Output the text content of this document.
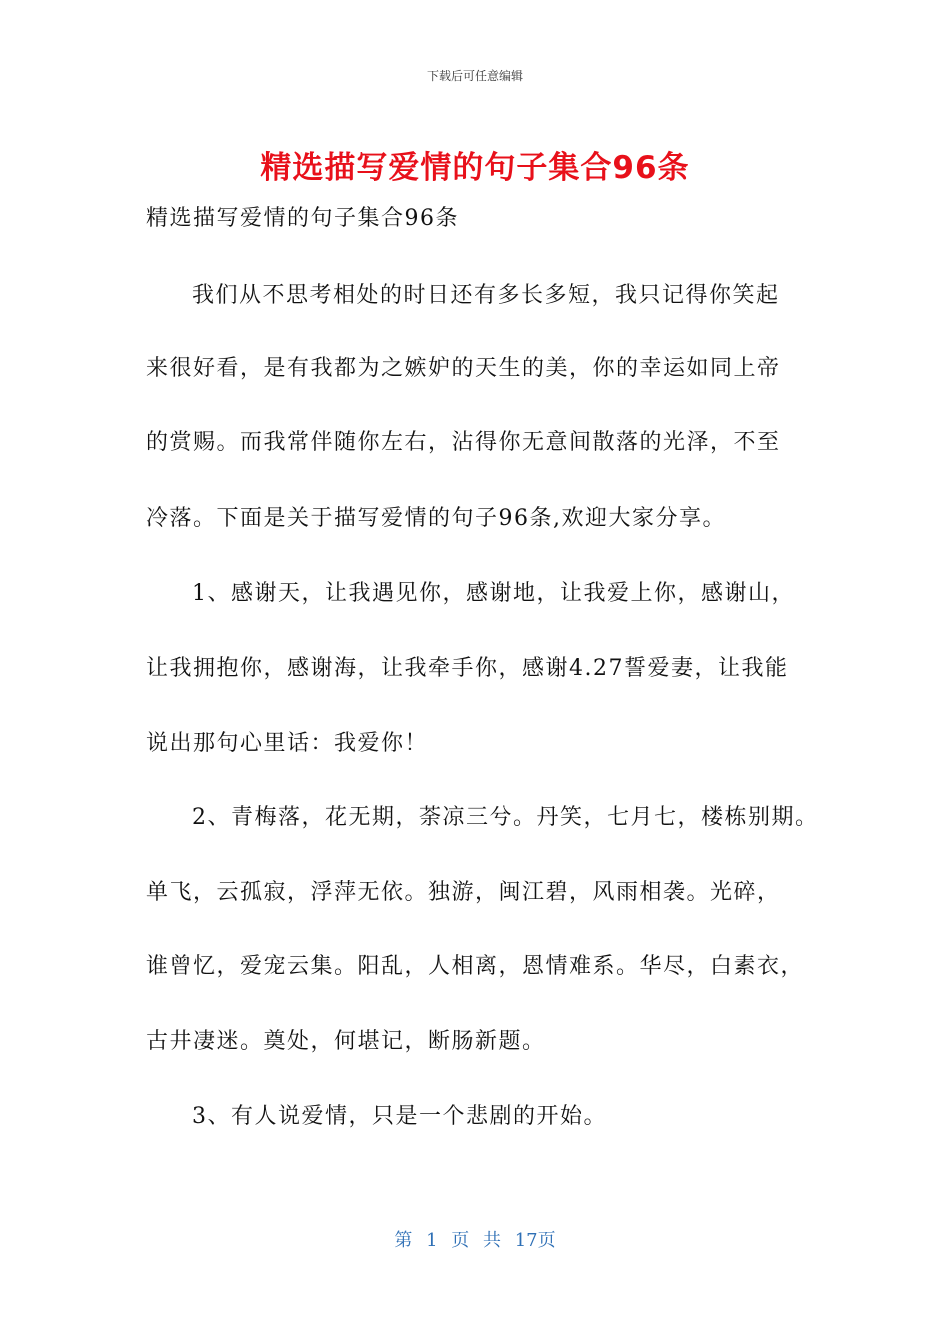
下载后可任意编辑
精选描写爱情的句子集合96条
精选描写爱情的句子集合96条
我们从不思考相处的时日还有多长多短，我只记得你笑起
来很好看，是有我都为之嫉妒的天生的美，你的幸运如同上帝
的赏赐。而我常伴随你左右，沾得你无意间散落的光泽，不至
冷落。下面是关于描写爱情的句子96条,欢迎大家分享。
1、感谢天，让我遇见你，感谢地，让我爱上你，感谢山，
让我拥抱你，感谢海，让我牵手你，感谢4.27誓爱妻，让我能
说出那句心里话：我爱你！
2、青梅落，花无期，荼凉三兮。丹笑，七月七，楼栋别期。
单飞，云孤寂，浮萍无依。独游，闽江碧，风雨相袭。光碎，
谁曾忆，爱宠云集。阳乱，人相离，恩情难系。华尽，白素衣，
古井凄迷。奠处，何堪记，断肠新题。
3、有人说爱情，只是一个悲剧的开始。
第 1 页 共 17页
